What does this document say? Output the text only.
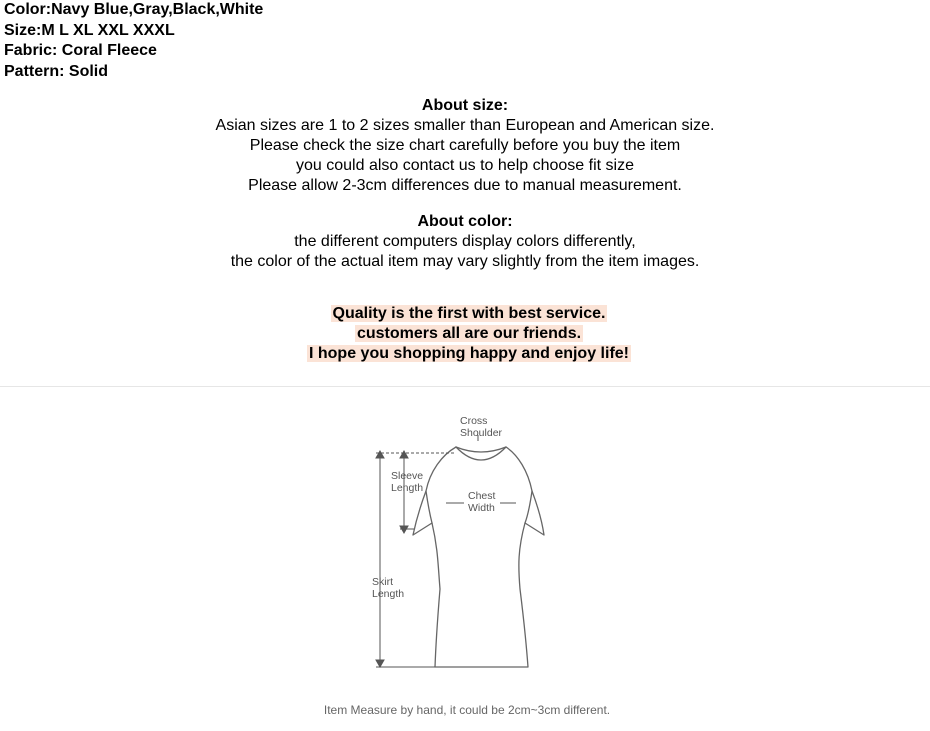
Color:Navy Blue,Gray,Black,White
Size:M L XL XXL XXXL
Fabric: Coral Fleece
Pattern: Solid
About size:
Asian sizes are 1 to 2 sizes smaller than European and American size.
Please check the size chart carefully before you buy the item
you could also contact us to help choose fit size
Please allow 2-3cm differences due to manual measurement.
About color:
the different computers display colors differently,
the color of the actual item may vary slightly from the item images.
Quality is the first with best service.
customers all are our friends.
I hope you shopping happy and enjoy life!
Cross
Shoulder
Sleeve
Length
Chest
Width
Skirt
Length
Item Measure by hand, it could be 2cm~3cm different.
